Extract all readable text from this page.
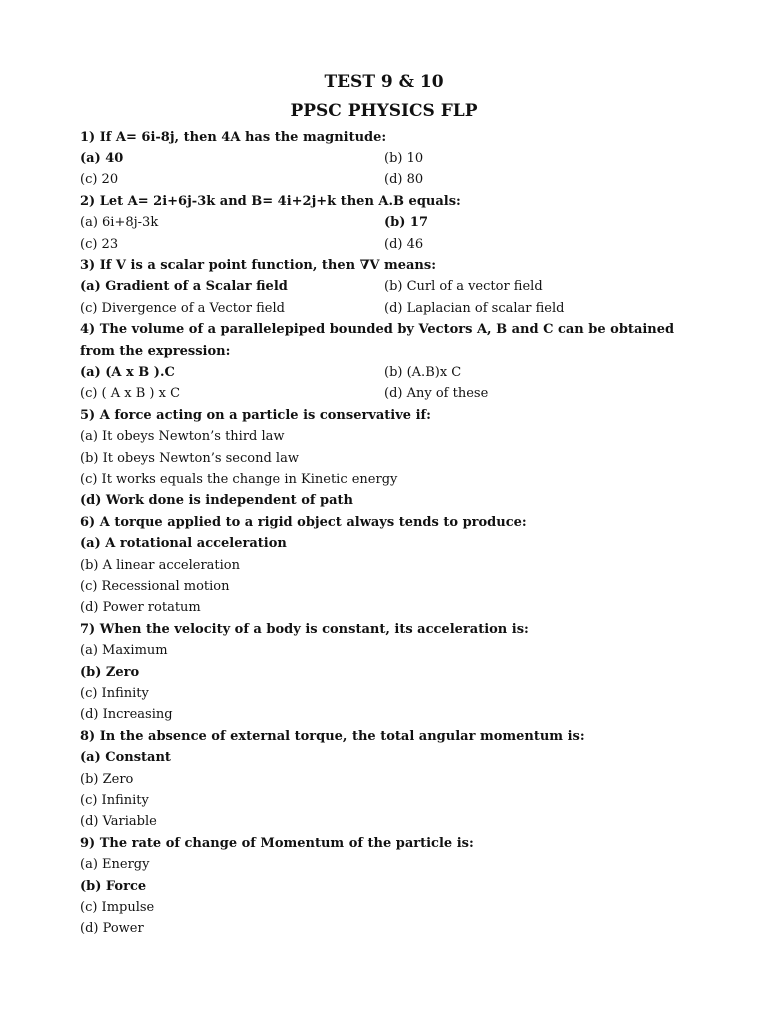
TEST 9 & 10
PPSC PHYSICS FLP
1) If A= 6i-8j, then 4A has the magnitude:
(a) 40	(b) 10
(c) 20	(d) 80
2) Let A= 2i+6j-3k and B= 4i+2j+k then A.B equals:
(a) 6i+8j-3k	(b) 17
(c) 23	(d) 46
3) If V is a scalar point function, then ∇V means:
(a) Gradient of a Scalar field	(b) Curl of a vector field
(c) Divergence of a Vector field	(d) Laplacian of scalar field
4) The volume of a parallelepiped bounded by Vectors A, B and C can be obtained
from the expression:
(a) (A x B ).C	(b) (A.B)x C
(c) ( A x B ) x C	(d) Any of these
5) A force acting on a particle is conservative if:
(a) It obeys Newton’s third law
(b) It obeys Newton’s second law
(c) It works equals the change in Kinetic energy
(d) Work done is independent of path
6) A torque applied to a rigid object always tends to produce:
(a) A rotational acceleration
(b) A linear acceleration
(c) Recessional motion
(d) Power rotatum
7) When the velocity of a body is constant, its acceleration is:
(a) Maximum
(b) Zero
(c) Infinity
(d) Increasing
8) In the absence of external torque, the total angular momentum is:
(a) Constant
(b) Zero
(c) Infinity
(d) Variable
9) The rate of change of Momentum of the particle is:
(a) Energy
(b) Force
(c) Impulse
(d) Power
